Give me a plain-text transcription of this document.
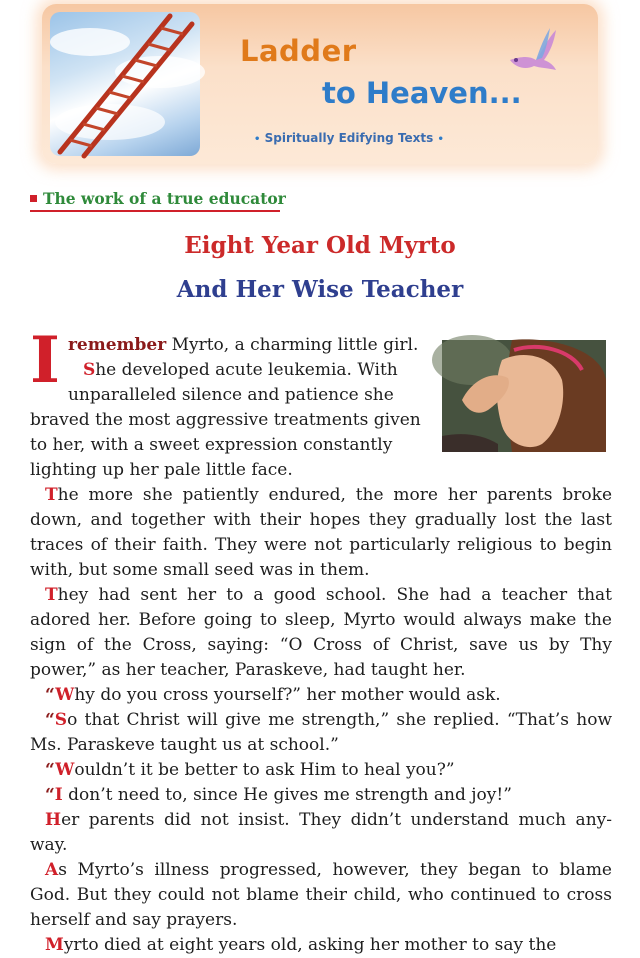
Ladder
to Heaven...
• Spiritually Edifying Texts •
The work of a true educator
Eight Year Old Myrto
And Her Wise Teacher

Iremember Myrto, a charming little girl.

She developed acute leukemia. With unparalleled silence and patience she braved the most aggressive treatments given to her, with a sweet expression constantly lighting up her pale little face.

The more she patiently endured, the more her parents broke down, and together with their hopes they gradually lost the last traces of their faith. They were not particularly religious to begin with, but some small seed was in them.

They had sent her to a good school. She had a teacher that adored her. Before going to sleep, Myrto would always make the sign of the Cross, saying: “O Cross of Christ, save us by Thy power,” as her teacher, Paraskeve, had taught her.

“Why do you cross yourself?” her mother would ask.

“So that Christ will give me strength,” she replied. “That’s how Ms. Paraskeve taught us at school.”

“Wouldn’t it be better to ask Him to heal you?”

“I don’t need to, since He gives me strength and joy!”

Her parents did not insist. They didn’t understand much any-way.

As Myrto’s illness progressed, however, they began to blame God. But they could not blame their child, who continued to cross herself and say prayers.

Myrto died at eight years old, asking her mother to say the
